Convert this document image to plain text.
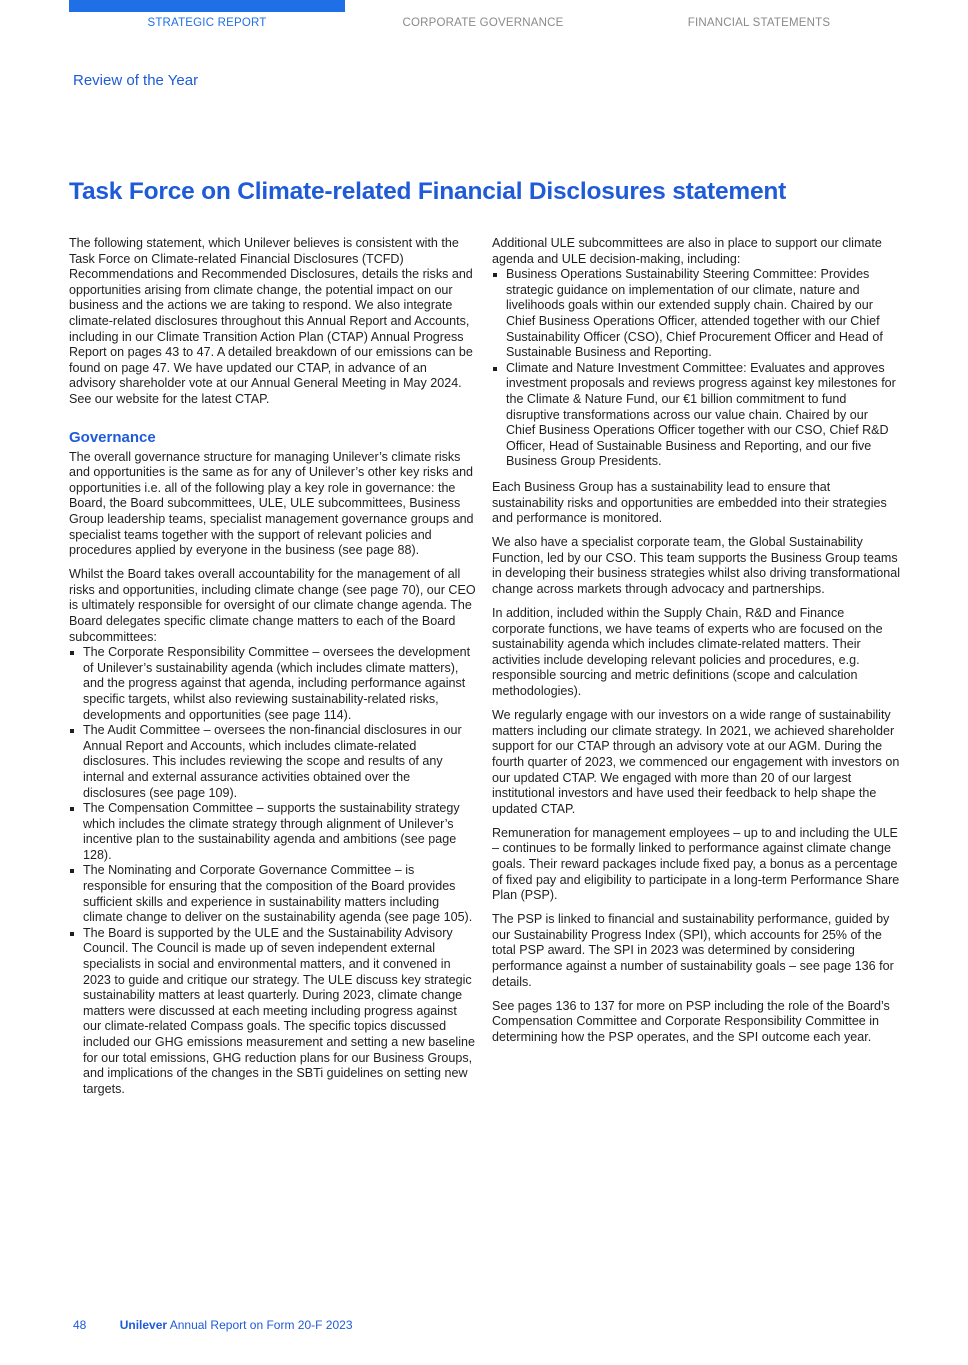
STRATEGIC REPORT	CORPORATE GOVERNANCE	FINANCIAL STATEMENTS
Review of the Year
Task Force on Climate-related Financial Disclosures statement

The following statement, which Unilever believes is consistent with the Task Force on Climate-related Financial Disclosures (TCFD) Recommendations and Recommended Disclosures, details the risks and opportunities arising from climate change, the potential impact on our business and the actions we are taking to respond. We also integrate climate-related disclosures throughout this Annual Report and Accounts, including in our Climate Transition Action Plan (CTAP) Annual Progress Report on pages 43 to 47. A detailed breakdown of our emissions can be found on page 47. We have updated our CTAP, in advance of an advisory shareholder vote at our Annual General Meeting in May 2024. See our website for the latest CTAP.

Governance

The overall governance structure for managing Unilever’s climate risks and opportunities is the same as for any of Unilever’s other key risks and opportunities i.e. all of the following play a key role in governance: the Board, the Board subcommittees, ULE, ULE subcommittees, Business Group leadership teams, specialist management governance groups and specialist teams together with the support of relevant policies and procedures applied by everyone in the business (see page 88).

Whilst the Board takes overall accountability for the management of all risks and opportunities, including climate change (see page 70), our CEO is ultimately responsible for oversight of our climate change agenda. The Board delegates specific climate change matters to each of the Board subcommittees:

The Corporate Responsibility Committee – oversees the development of Unilever’s sustainability agenda (which includes climate matters), and the progress against that agenda, including performance against specific targets, whilst also reviewing sustainability-related risks, developments and opportunities (see page 114).
The Audit Committee – oversees the non-financial disclosures in our Annual Report and Accounts, which includes climate-related disclosures. This includes reviewing the scope and results of any internal and external assurance activities obtained over the disclosures (see page 109).
The Compensation Committee – supports the sustainability strategy which includes the climate strategy through alignment of Unilever’s incentive plan to the sustainability agenda and ambitions (see page 128).
The Nominating and Corporate Governance Committee – is responsible for ensuring that the composition of the Board provides sufficient skills and experience in sustainability matters including climate change to deliver on the sustainability agenda (see page 105).
The Board is supported by the ULE and the Sustainability Advisory Council. The Council is made up of seven independent external specialists in social and environmental matters, and it convened in 2023 to guide and critique our strategy. The ULE discuss key strategic sustainability matters at least quarterly. During 2023, climate change matters were discussed at each meeting including progress against our climate-related Compass goals. The specific topics discussed included our GHG emissions measurement and setting a new baseline for our total emissions, GHG reduction plans for our Business Groups, and implications of the changes in the SBTi guidelines on setting new targets.

Additional ULE subcommittees are also in place to support our climate agenda and ULE decision-making, including:

Business Operations Sustainability Steering Committee: Provides strategic guidance on implementation of our climate, nature and livelihoods goals within our extended supply chain. Chaired by our Chief Business Operations Officer, attended together with our Chief Sustainability Officer (CSO), Chief Procurement Officer and Head of Sustainable Business and Reporting.
Climate and Nature Investment Committee: Evaluates and approves investment proposals and reviews progress against key milestones for the Climate & Nature Fund, our €1 billion commitment to fund disruptive transformations across our value chain. Chaired by our Chief Business Operations Officer together with our CSO, Chief R&D Officer, Head of Sustainable Business and Reporting, and our five Business Group Presidents.

Each Business Group has a sustainability lead to ensure that sustainability risks and opportunities are embedded into their strategies and performance is monitored.

We also have a specialist corporate team, the Global Sustainability Function, led by our CSO. This team supports the Business Group teams in developing their business strategies whilst also driving transformational change across markets through advocacy and partnerships.

In addition, included within the Supply Chain, R&D and Finance corporate functions, we have teams of experts who are focused on the sustainability agenda which includes climate-related matters. Their activities include developing relevant policies and procedures, e.g. responsible sourcing and metric definitions (scope and calculation methodologies).

We regularly engage with our investors on a wide range of sustainability matters including our climate strategy. In 2021, we achieved shareholder support for our CTAP through an advisory vote at our AGM. During the fourth quarter of 2023, we commenced our engagement with investors on our updated CTAP. We engaged with more than 20 of our largest institutional investors and have used their feedback to help shape the updated CTAP.

Remuneration for management employees – up to and including the ULE – continues to be formally linked to performance against climate change goals. Their reward packages include fixed pay, a bonus as a percentage of fixed pay and eligibility to participate in a long-term Performance Share Plan (PSP).

The PSP is linked to financial and sustainability performance, guided by our Sustainability Progress Index (SPI), which accounts for 25% of the total PSP award. The SPI in 2023 was determined by considering performance against a number of sustainability goals – see page 136 for details.

See pages 136 to 137 for more on PSP including the role of the Board’s Compensation Committee and Corporate Responsibility Committee in determining how the PSP operates, and the SPI outcome each year.

48	Unilever Annual Report on Form 20-F 2023
